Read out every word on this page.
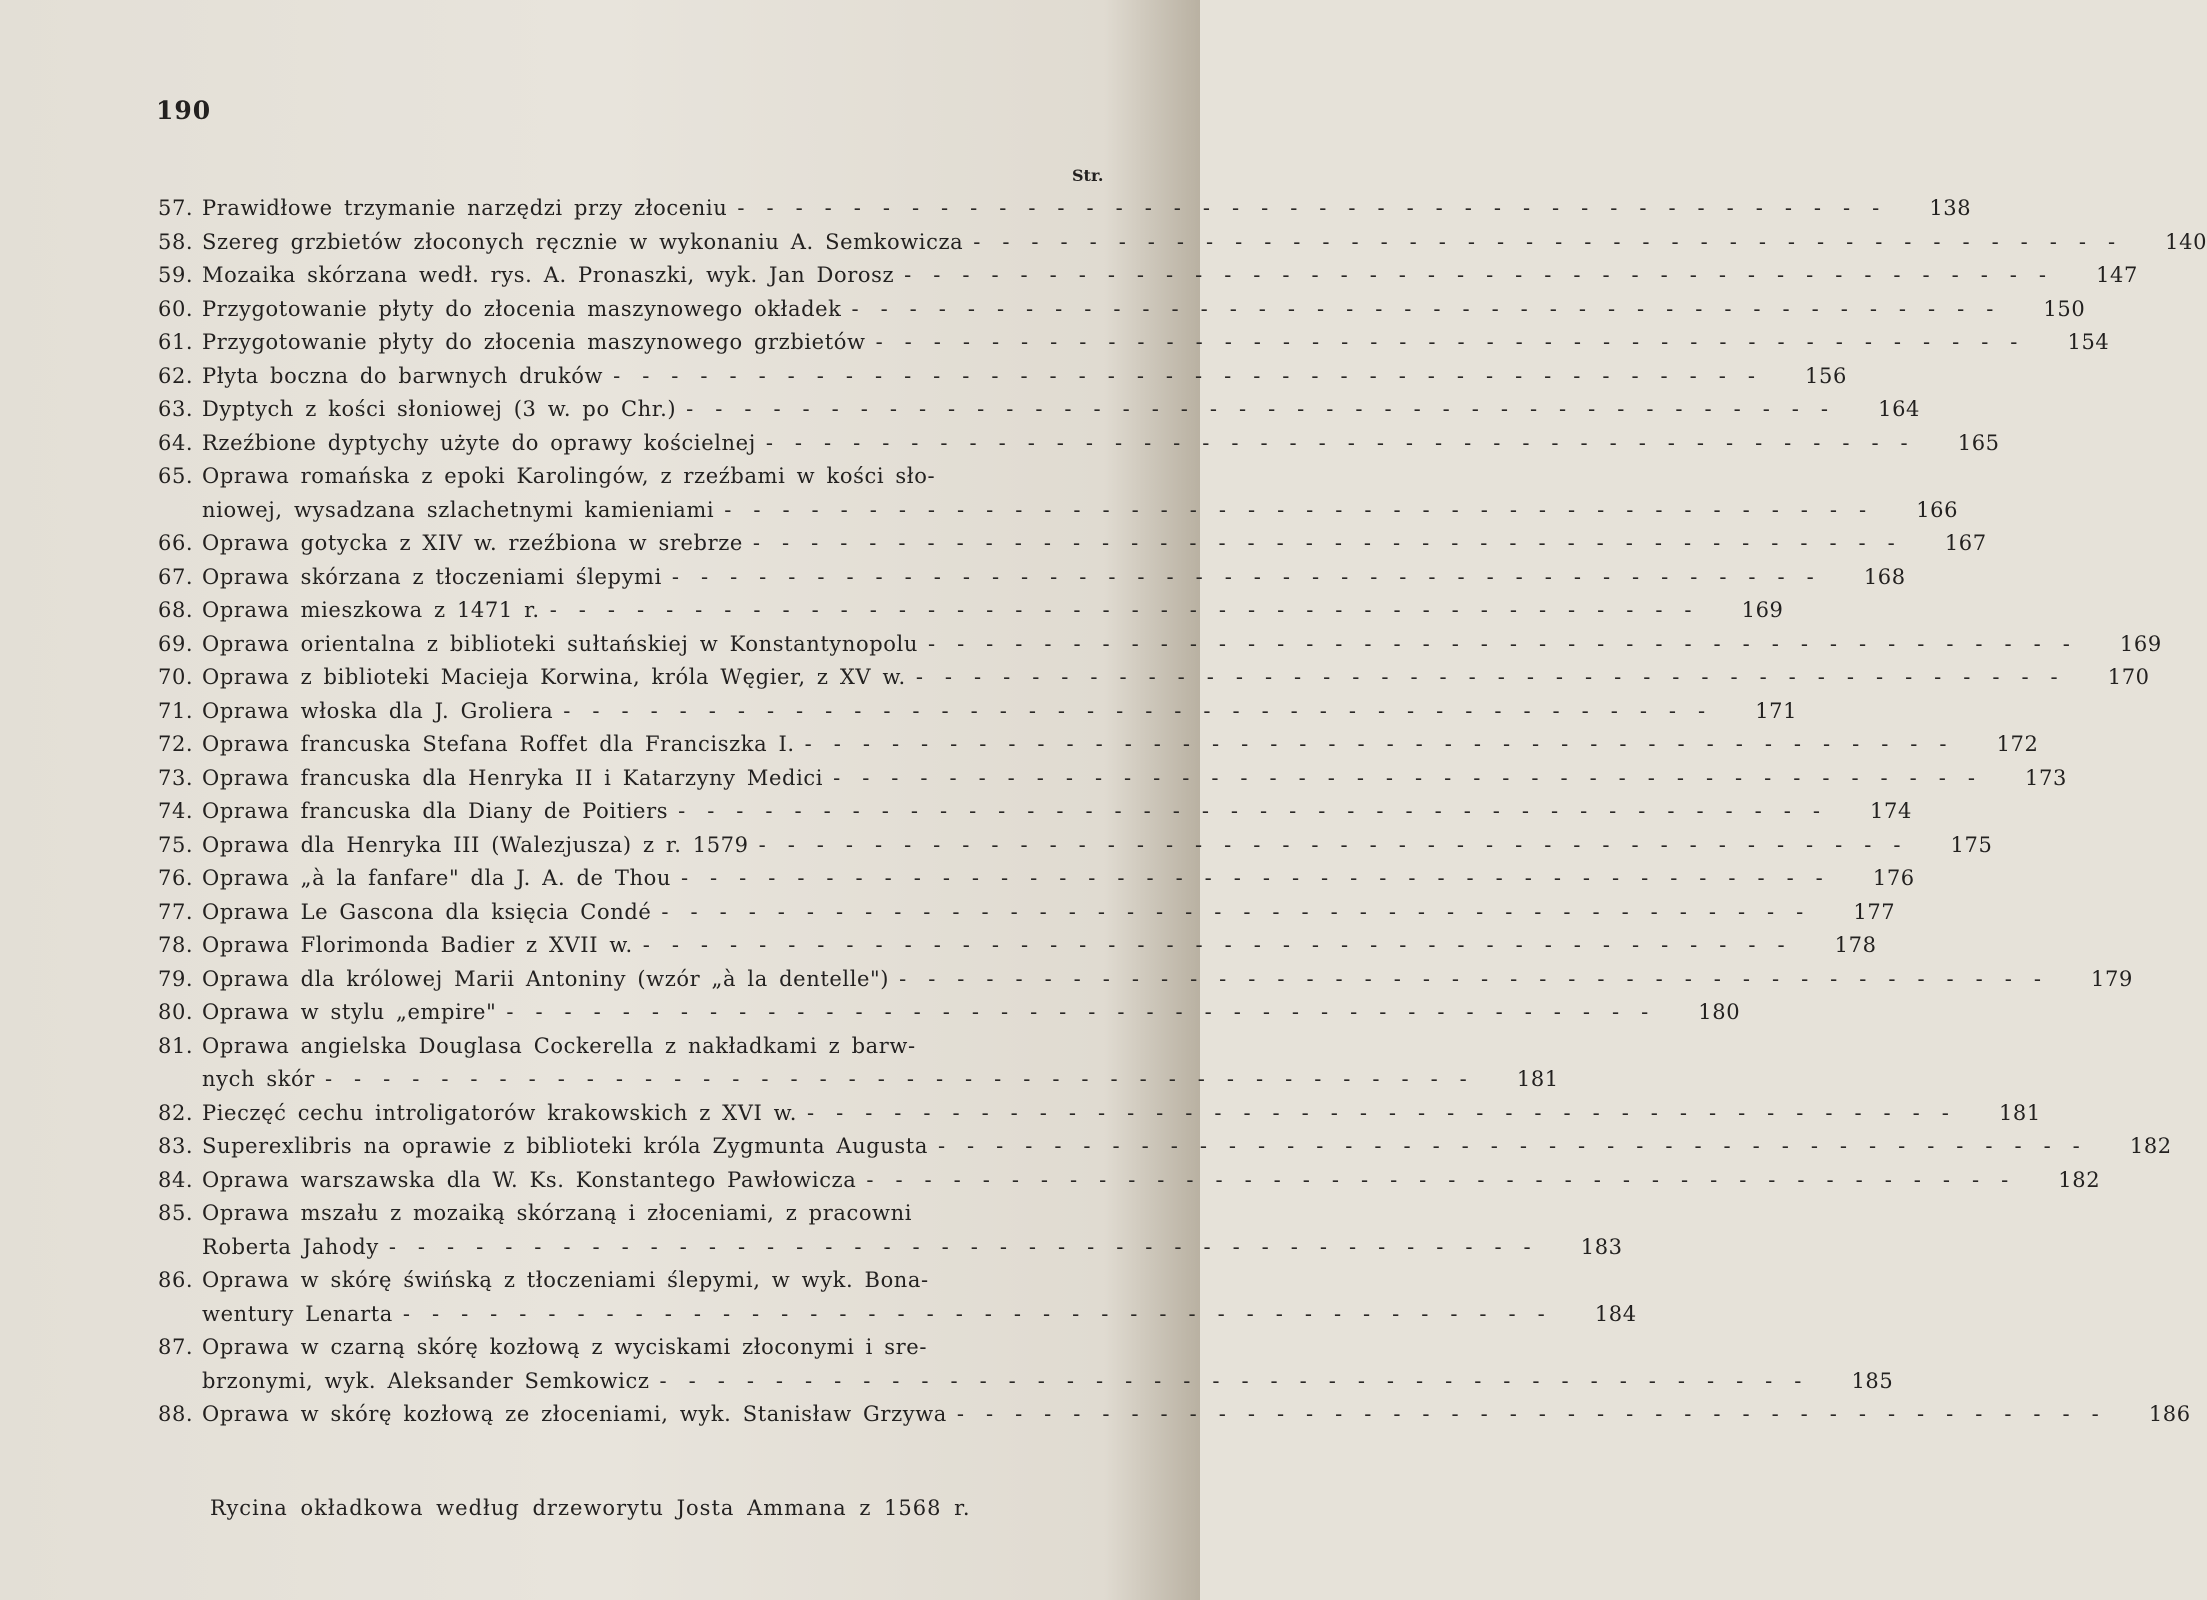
190
Str.
57. Prawidłowe trzymanie narzędzi przy złoceniu ----------------------------------------	138
58. Szereg grzbietów złoconych ręcznie w wykonaniu A. Semkowicza ----------------------------------------	140
59. Mozaika skórzana wedł. rys. A. Pronaszki, wyk. Jan Dorosz ----------------------------------------	147
60. Przygotowanie płyty do złocenia maszynowego okładek ----------------------------------------	150
61. Przygotowanie płyty do złocenia maszynowego grzbietów ----------------------------------------	154
62. Płyta boczna do barwnych druków ----------------------------------------	156
63. Dyptych z kości słoniowej (3 w. po Chr.) ----------------------------------------	164
64. Rzeźbione dyptychy użyte do oprawy kościelnej ----------------------------------------	165
65. Oprawa romańska z epoki Karolingów, z rzeźbami w kości sło-
niowej, wysadzana szlachetnymi kamieniami ----------------------------------------	166
66. Oprawa gotycka z XIV w. rzeźbiona w srebrze ----------------------------------------	167
67. Oprawa skórzana z tłoczeniami ślepymi ----------------------------------------	168
68. Oprawa mieszkowa z 1471 r. ----------------------------------------	169
69. Oprawa orientalna z biblioteki sułtańskiej w Konstantynopolu ----------------------------------------	169
70. Oprawa z biblioteki Macieja Korwina, króla Węgier, z XV w. ----------------------------------------	170
71. Oprawa włoska dla J. Groliera ----------------------------------------	171
72. Oprawa francuska Stefana Roffet dla Franciszka I. ----------------------------------------	172
73. Oprawa francuska dla Henryka II i Katarzyny Medici ----------------------------------------	173
74. Oprawa francuska dla Diany de Poitiers ----------------------------------------	174
75. Oprawa dla Henryka III (Walezjusza) z r. 1579 ----------------------------------------	175
76. Oprawa „à la fanfare" dla J. A. de Thou ----------------------------------------	176
77. Oprawa Le Gascona dla księcia Condé ----------------------------------------	177
78. Oprawa Florimonda Badier z XVII w. ----------------------------------------	178
79. Oprawa dla królowej Marii Antoniny (wzór „à la dentelle") ----------------------------------------	179
80. Oprawa w stylu „empire" ----------------------------------------	180
81. Oprawa angielska Douglasa Cockerella z nakładkami z barw-
nych skór ----------------------------------------	181
82. Pieczęć cechu introligatorów krakowskich z XVI w. ----------------------------------------	181
83. Superexlibris na oprawie z biblioteki króla Zygmunta Augusta ----------------------------------------	182
84. Oprawa warszawska dla W. Ks. Konstantego Pawłowicza ----------------------------------------	182
85. Oprawa mszału z mozaiką skórzaną i złoceniami, z pracowni
Roberta Jahody ----------------------------------------	183
86. Oprawa w skórę świńską z tłoczeniami ślepymi, w wyk. Bona-
wentury Lenarta ----------------------------------------	184
87. Oprawa w czarną skórę kozłową z wyciskami złoconymi i sre-
brzonymi, wyk. Aleksander Semkowicz ----------------------------------------	185
88. Oprawa w skórę kozłową ze złoceniami, wyk. Stanisław Grzywa ----------------------------------------	186
Rycina okładkowa według drzeworytu Josta Ammana z 1568 r.
